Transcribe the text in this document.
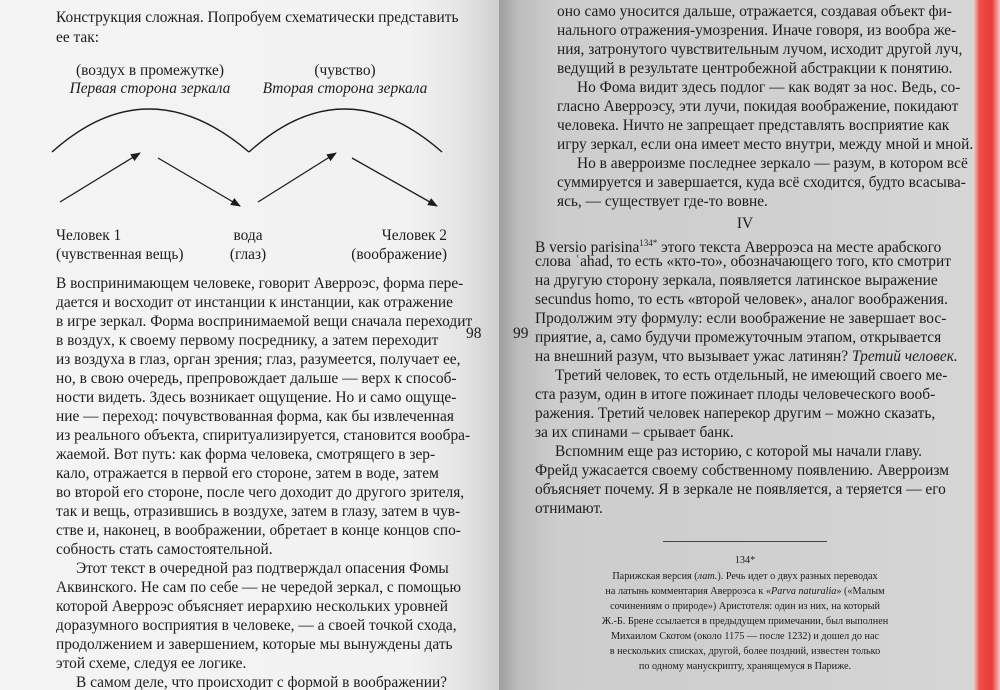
Конструкция сложная. Попробуем схематически представить

ее так:

(воздух в промежутке)

Первая сторона зеркала

(чувство)

Вторая сторона зеркала

Человек 1

(чувственная вещь)

вода

(глаз)

Человек 2

(воображение)

В воспринимающем человеке, говорит Аверроэс, форма пере-

дается и восходит от инстанции к инстанции, как отражение

в игре зеркал. Форма воспринимаемой вещи сначала переходит

в воздух, к своему первому посреднику, а затем переходит

из воздуха в глаз, орган зрения; глаз, разумеется, получает ее,

но, в свою очередь, препровождает дальше — верх к способ-

ности видеть. Здесь возникает ощущение. Но и само ощуще-

ние — переход: почувствованная форма, как бы извлеченная

из реального объекта, спиритуализируется, становится вообра-

жаемой. Вот путь: как форма человека, смотрящего в зер-

кало, отражается в первой его стороне, затем в воде, затем

во второй его стороне, после чего доходит до другого зрителя,

так и вещь, отразившись в воздухе, затем в глазу, затем в чув-

стве и, наконец, в воображении, обретает в конце концов спо-

собность стать самостоятельной.

Этот текст в очередной раз подтверждал опасения Фомы

Аквинского. Не сам по себе — не чередой зеркал, с помощью

которой Аверроэс объясняет иерархию нескольких уровней

доразумного восприятия в человеке, — а своей точкой схода,

продолжением и завершением, которые мы вынуждены дать

этой схеме, следуя ее логике.

В самом деле, что происходит с формой в воображении?

98 99

оно само уносится дальше, отражается, создавая объект фи-

нального отражения-умозрения. Иначе говоря, из вообра же-

ния, затронутого чувствительным лучом, исходит другой луч,

ведущий в результате центробежной абстракции к понятию.

Но Фома видит здесь подлог — как водят за нос. Ведь, со-

гласно Аверроэсу, эти лучи, покидая воображение, покидают

человека. Ничто не запрещает представлять восприятие как

игру зеркал, если она имеет место внутри, между мной и мной.

Но в аверроизме последнее зеркало — разум, в котором всё

суммируется и завершается, куда всё сходится, будто всасыва-

ясь, — существует где-то вовне.

IV

В versio parisina$^{134*}$ этого текста Аверроэса на месте арабского

слова ʿahad, то есть «кто-то», обозначающего того, кто смотрит

на другую сторону зеркала, появляется латинское выражение

secundus homo, то есть «второй человек», аналог воображения.

Продолжим эту формулу: если воображение не завершает вос-

приятие, а, само будучи промежуточным этапом, открывается

на внешний разум, что вызывает ужас латинян? Третий человек.

Третий человек, то есть отдельный, не имеющий своего ме-

ста разум, один в итоге пожинает плоды человеческого вооб-

ражения. Третий человек наперекор другим – можно сказать,

за их спинами – срывает банк.

Вспомним еще раз историю, с которой мы начали главу.

Фрейд ужасается своему собственному появлению. Аверроизм

объясняет почему. Я в зеркале не появляется, а теряется — его

отнимают.

134*

Парижская версия (лат.). Речь идет о двух разных переводах

на латынь комментария Аверроэса к «Parva naturalia» («Малым

сочинениям о природе») Аристотеля: один из них, на который

Ж.-Б. Брене ссылается в предыдущем примечании, был выполнен

Михаилом Скотом (около 1175 — после 1232) и дошел до нас

в нескольких списках, другой, более поздний, известен только

по одному манускрипту, хранящемуся в Париже.
